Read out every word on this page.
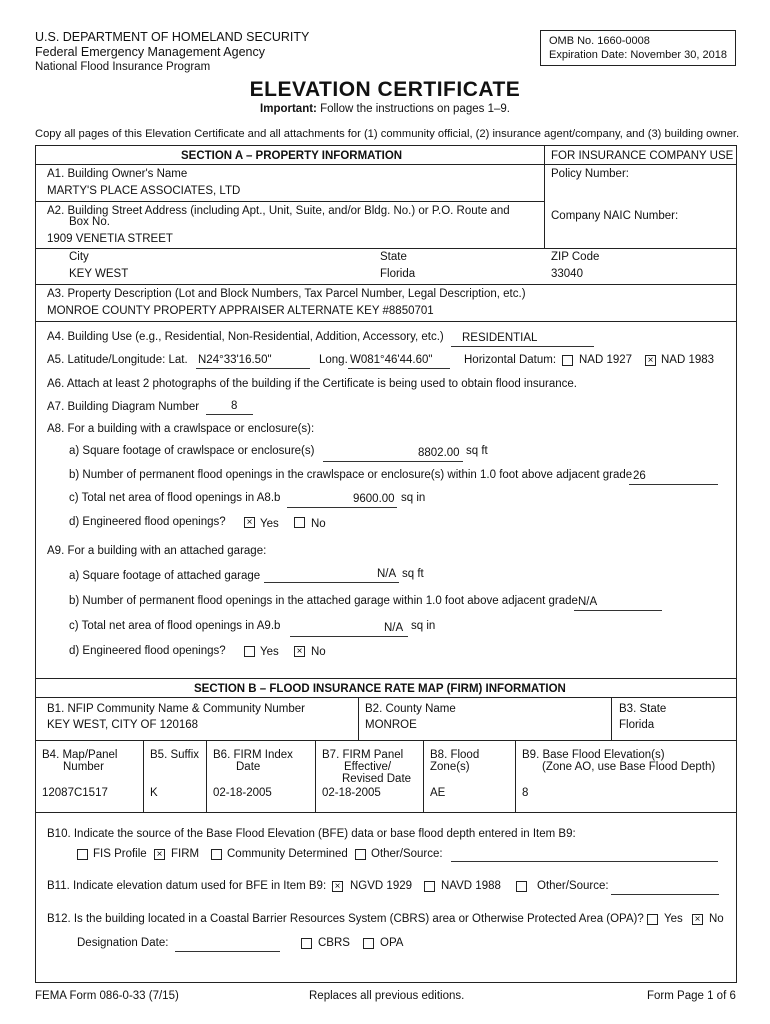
U.S. DEPARTMENT OF HOMELAND SECURITY
Federal Emergency Management Agency
National Flood Insurance Program
OMB No. 1660-0008
Expiration Date: November 30, 2018
ELEVATION CERTIFICATE
Important: Follow the instructions on pages 1–9.
Copy all pages of this Elevation Certificate and all attachments for (1) community official, (2) insurance agent/company, and (3) building owner.
SECTION A – PROPERTY INFORMATION	FOR INSURANCE COMPANY USE
A1. Building Owner's Name	Policy Number:
MARTY'S PLACE ASSOCIATES, LTD
A2. Building Street Address (including Apt., Unit, Suite, and/or Bldg. No.) or P.O. Route and
Box No.	Company NAIC Number:
1909 VENETIA STREET
City	State	ZIP Code
KEY WEST	Florida	33040
A3. Property Description (Lot and Block Numbers, Tax Parcel Number, Legal Description, etc.)
MONROE COUNTY PROPERTY APPRAISER ALTERNATE KEY #8850701
A4. Building Use (e.g., Residential, Non-Residential, Addition, Accessory, etc.) RESIDENTIAL
A5. Latitude/Longitude: Lat. N24°33'16.50"	Long. W081°46'44.60"	Horizontal Datum: NAD 1927 × NAD 1983
A6. Attach at least 2 photographs of the building if the Certificate is being used to obtain flood insurance.
A7. Building Diagram Number	8
A8. For a building with a crawlspace or enclosure(s):
a) Square footage of crawlspace or enclosure(s)	8802.00 sq ft
b) Number of permanent flood openings in the crawlspace or enclosure(s) within 1.0 foot above adjacent grade 26
c) Total net area of flood openings in A8.b	9600.00 sq in
d) Engineered flood openings? × Yes	No
A9. For a building with an attached garage:
a) Square footage of attached garage	N/A sq ft
b) Number of permanent flood openings in the attached garage within 1.0 foot above adjacent grade N/A
c) Total net area of flood openings in A9.b	N/A sq in
d) Engineered flood openings?	Yes × No
SECTION B – FLOOD INSURANCE RATE MAP (FIRM) INFORMATION
B1. NFIP Community Name & Community Number
KEY WEST, CITY OF 120168
B2. County Name
MONROE
B3. State
Florida
B4. Map/Panel
Number
12087C1517
B5. Suffix
K
B6. FIRM Index
Date
02-18-2005
B7. FIRM Panel
Effective/
Revised Date
02-18-2005
B8. Flood
Zone(s)
AE
B9. Base Flood Elevation(s)
(Zone AO, use Base Flood Depth)
8
B10. Indicate the source of the Base Flood Elevation (BFE) data or base flood depth entered in Item B9:
FIS Profile × FIRM Community Determined Other/Source:
B11. Indicate elevation datum used for BFE in Item B9: × NGVD 1929	NAVD 1988	Other/Source:
B12. Is the building located in a Coastal Barrier Resources System (CBRS) area or Otherwise Protected Area (OPA)? Yes × No
Designation Date:	CBRS	OPA
FEMA Form 086-0-33 (7/15)	Replaces all previous editions.	Form Page 1 of 6
